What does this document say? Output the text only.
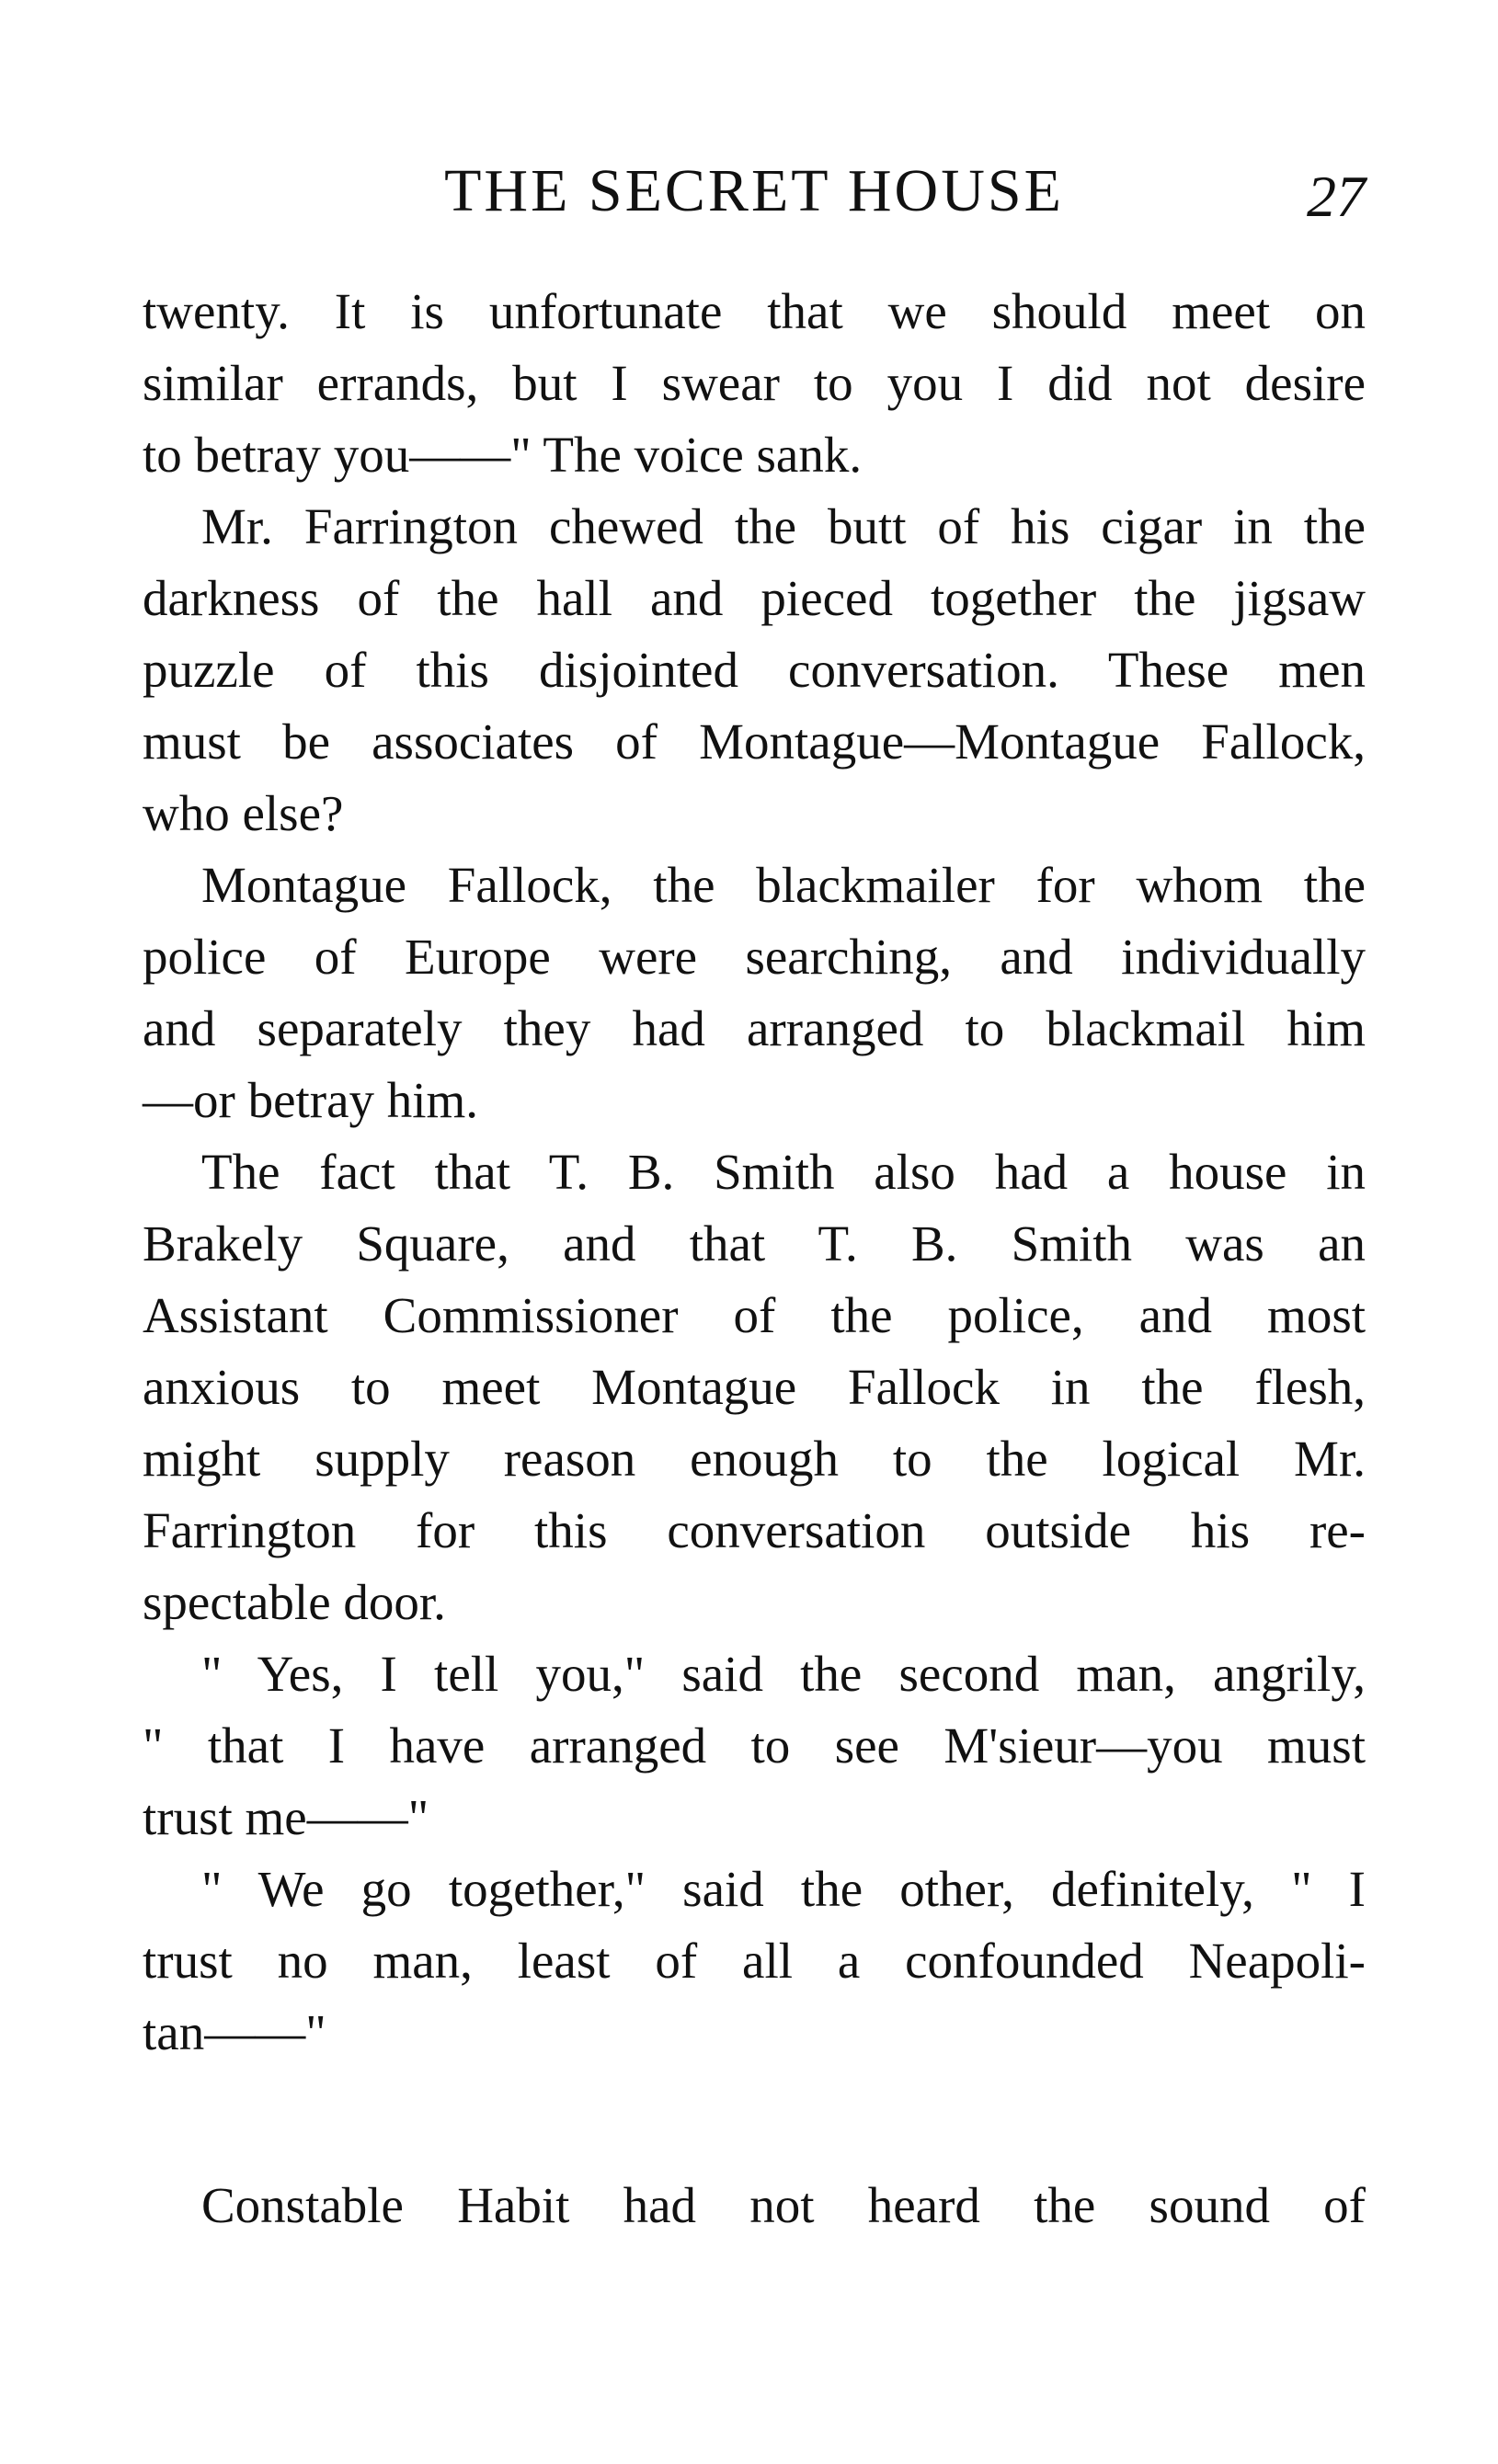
THE SECRET HOUSE	27
twenty. It is unfortunate that we should meet on
similar errands, but I swear to you I did not desire
to betray you——" The voice sank.
Mr. Farrington chewed the butt of his cigar in the
darkness of the hall and pieced together the jigsaw
puzzle of this disjointed conversation. These men
must be associates of Montague—Montague Fallock,
who else?
Montague Fallock, the blackmailer for whom the
police of Europe were searching, and individually
and separately they had arranged to blackmail him
—or betray him.
The fact that T. B. Smith also had a house in
Brakely Square, and that T. B. Smith was an
Assistant Commissioner of the police, and most
anxious to meet Montague Fallock in the flesh,
might supply reason enough to the logical Mr.
Farrington for this conversation outside his re-
spectable door.
" Yes, I tell you," said the second man, angrily,
" that I have arranged to see M'sieur—you must
trust me——"
" We go together," said the other, definitely, " I
trust no man, least of all a confounded Neapoli-
tan——"
Constable Habit had not heard the sound of
